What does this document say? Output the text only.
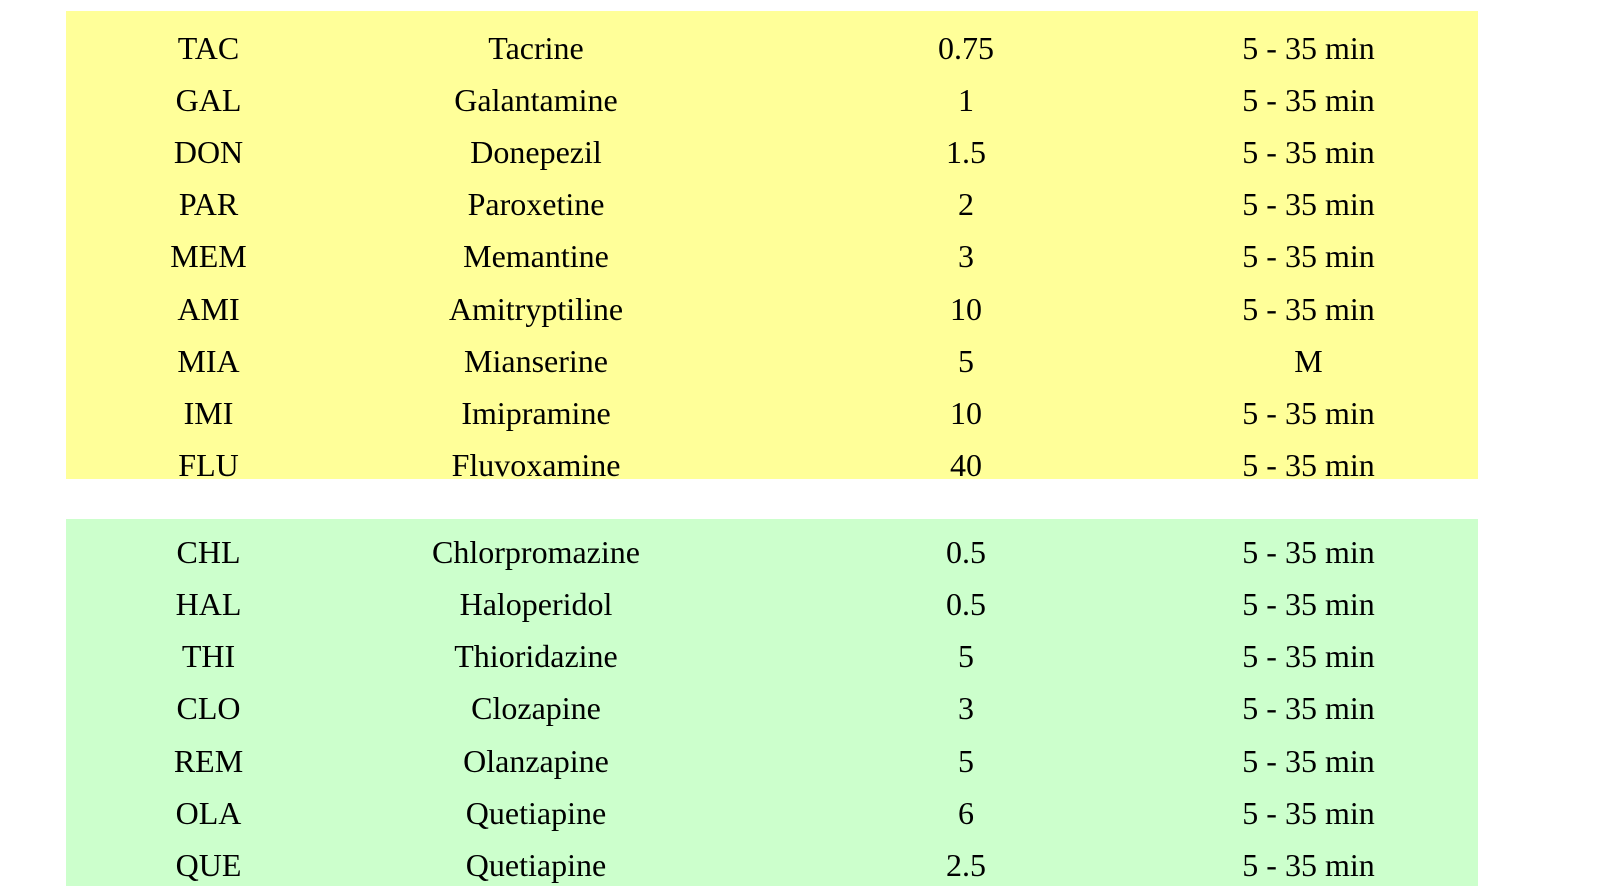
TAC	Tacrine	0.75	5 - 35 min
GAL	Galantamine	1	5 - 35 min
DON	Donepezil	1.5	5 - 35 min
PAR	Paroxetine	2	5 - 35 min
MEM	Memantine	3	5 - 35 min
AMI	Amitryptiline	10	5 - 35 min
MIA	Mianserine	5	M
IMI	Imipramine	10	5 - 35 min
FLU	Fluvoxamine	40	5 - 35 min
CHL	Chlorpromazine	0.5	5 - 35 min
HAL	Haloperidol	0.5	5 - 35 min
THI	Thioridazine	5	5 - 35 min
CLO	Clozapine	3	5 - 35 min
REM	Olanzapine	5	5 - 35 min
OLA	Quetiapine	6	5 - 35 min
QUE	Quetiapine	2.5	5 - 35 min
